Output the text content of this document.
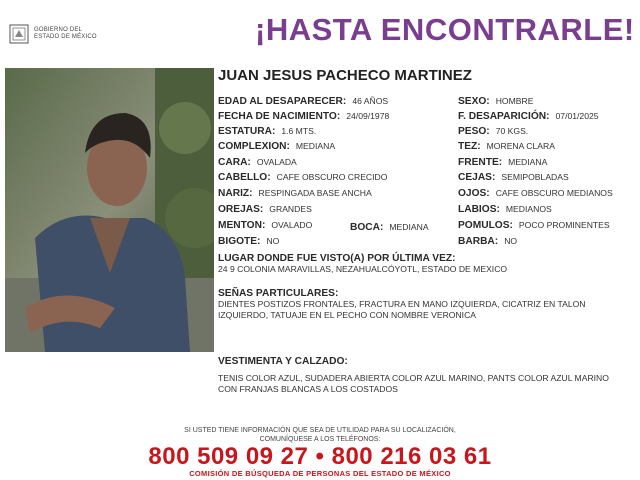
GOBIERNO DEL
ESTADO DE MÉXICO	¡HASTA ENCONTRARLE!
JUAN JESUS PACHECO MARTINEZ
EDAD AL DESAPARECER: 46 AÑOS
FECHA DE NACIMIENTO: 24/09/1978
ESTATURA: 1.6 MTS.
COMPLEXION: MEDIANA
CARA: OVALADA
CABELLO: CAFE OBSCURO CRECIDO
NARIZ: RESPINGADA BASE ANCHA
OREJAS: GRANDES
MENTON: OVALADO	BOCA: MEDIANA
BIGOTE: NO
SEXO: HOMBRE
F. DESAPARICIÓN: 07/01/2025
PESO: 70 KGS.
TEZ: MORENA CLARA
FRENTE: MEDIANA
CEJAS: SEMIPOBLADAS
OJOS: CAFE OBSCURO MEDIANOS
LABIOS: MEDIANOS
POMULOS: POCO PROMINENTES
BARBA: NO
LUGAR DONDE FUE VISTO(A) POR ÚLTIMA VEZ:
24 9 COLONIA MARAVILLAS, NEZAHUALCÓYOTL, ESTADO DE MEXICO
SEÑAS PARTICULARES:
DIENTES POSTIZOS FRONTALES, FRACTURA EN MANO IZQUIERDA, CICATRIZ EN TALON IZQUIERDO, TATUAJE EN EL PECHO CON NOMBRE VERONICA
VESTIMENTA Y CALZADO:
TENIS COLOR AZUL, SUDADERA ABIERTA COLOR AZUL MARINO, PANTS COLOR AZUL MARINO CON FRANJAS BLANCAS A LOS COSTADOS
SI USTED TIENE INFORMACIÓN QUE SEA DE UTILIDAD PARA SU LOCALIZACIÓN,
COMUNÍQUESE A LOS TELÉFONOS:
800 509 09 27 • 800 216 03 61
COMISIÓN DE BÚSQUEDA DE PERSONAS DEL ESTADO DE MÉXICO
